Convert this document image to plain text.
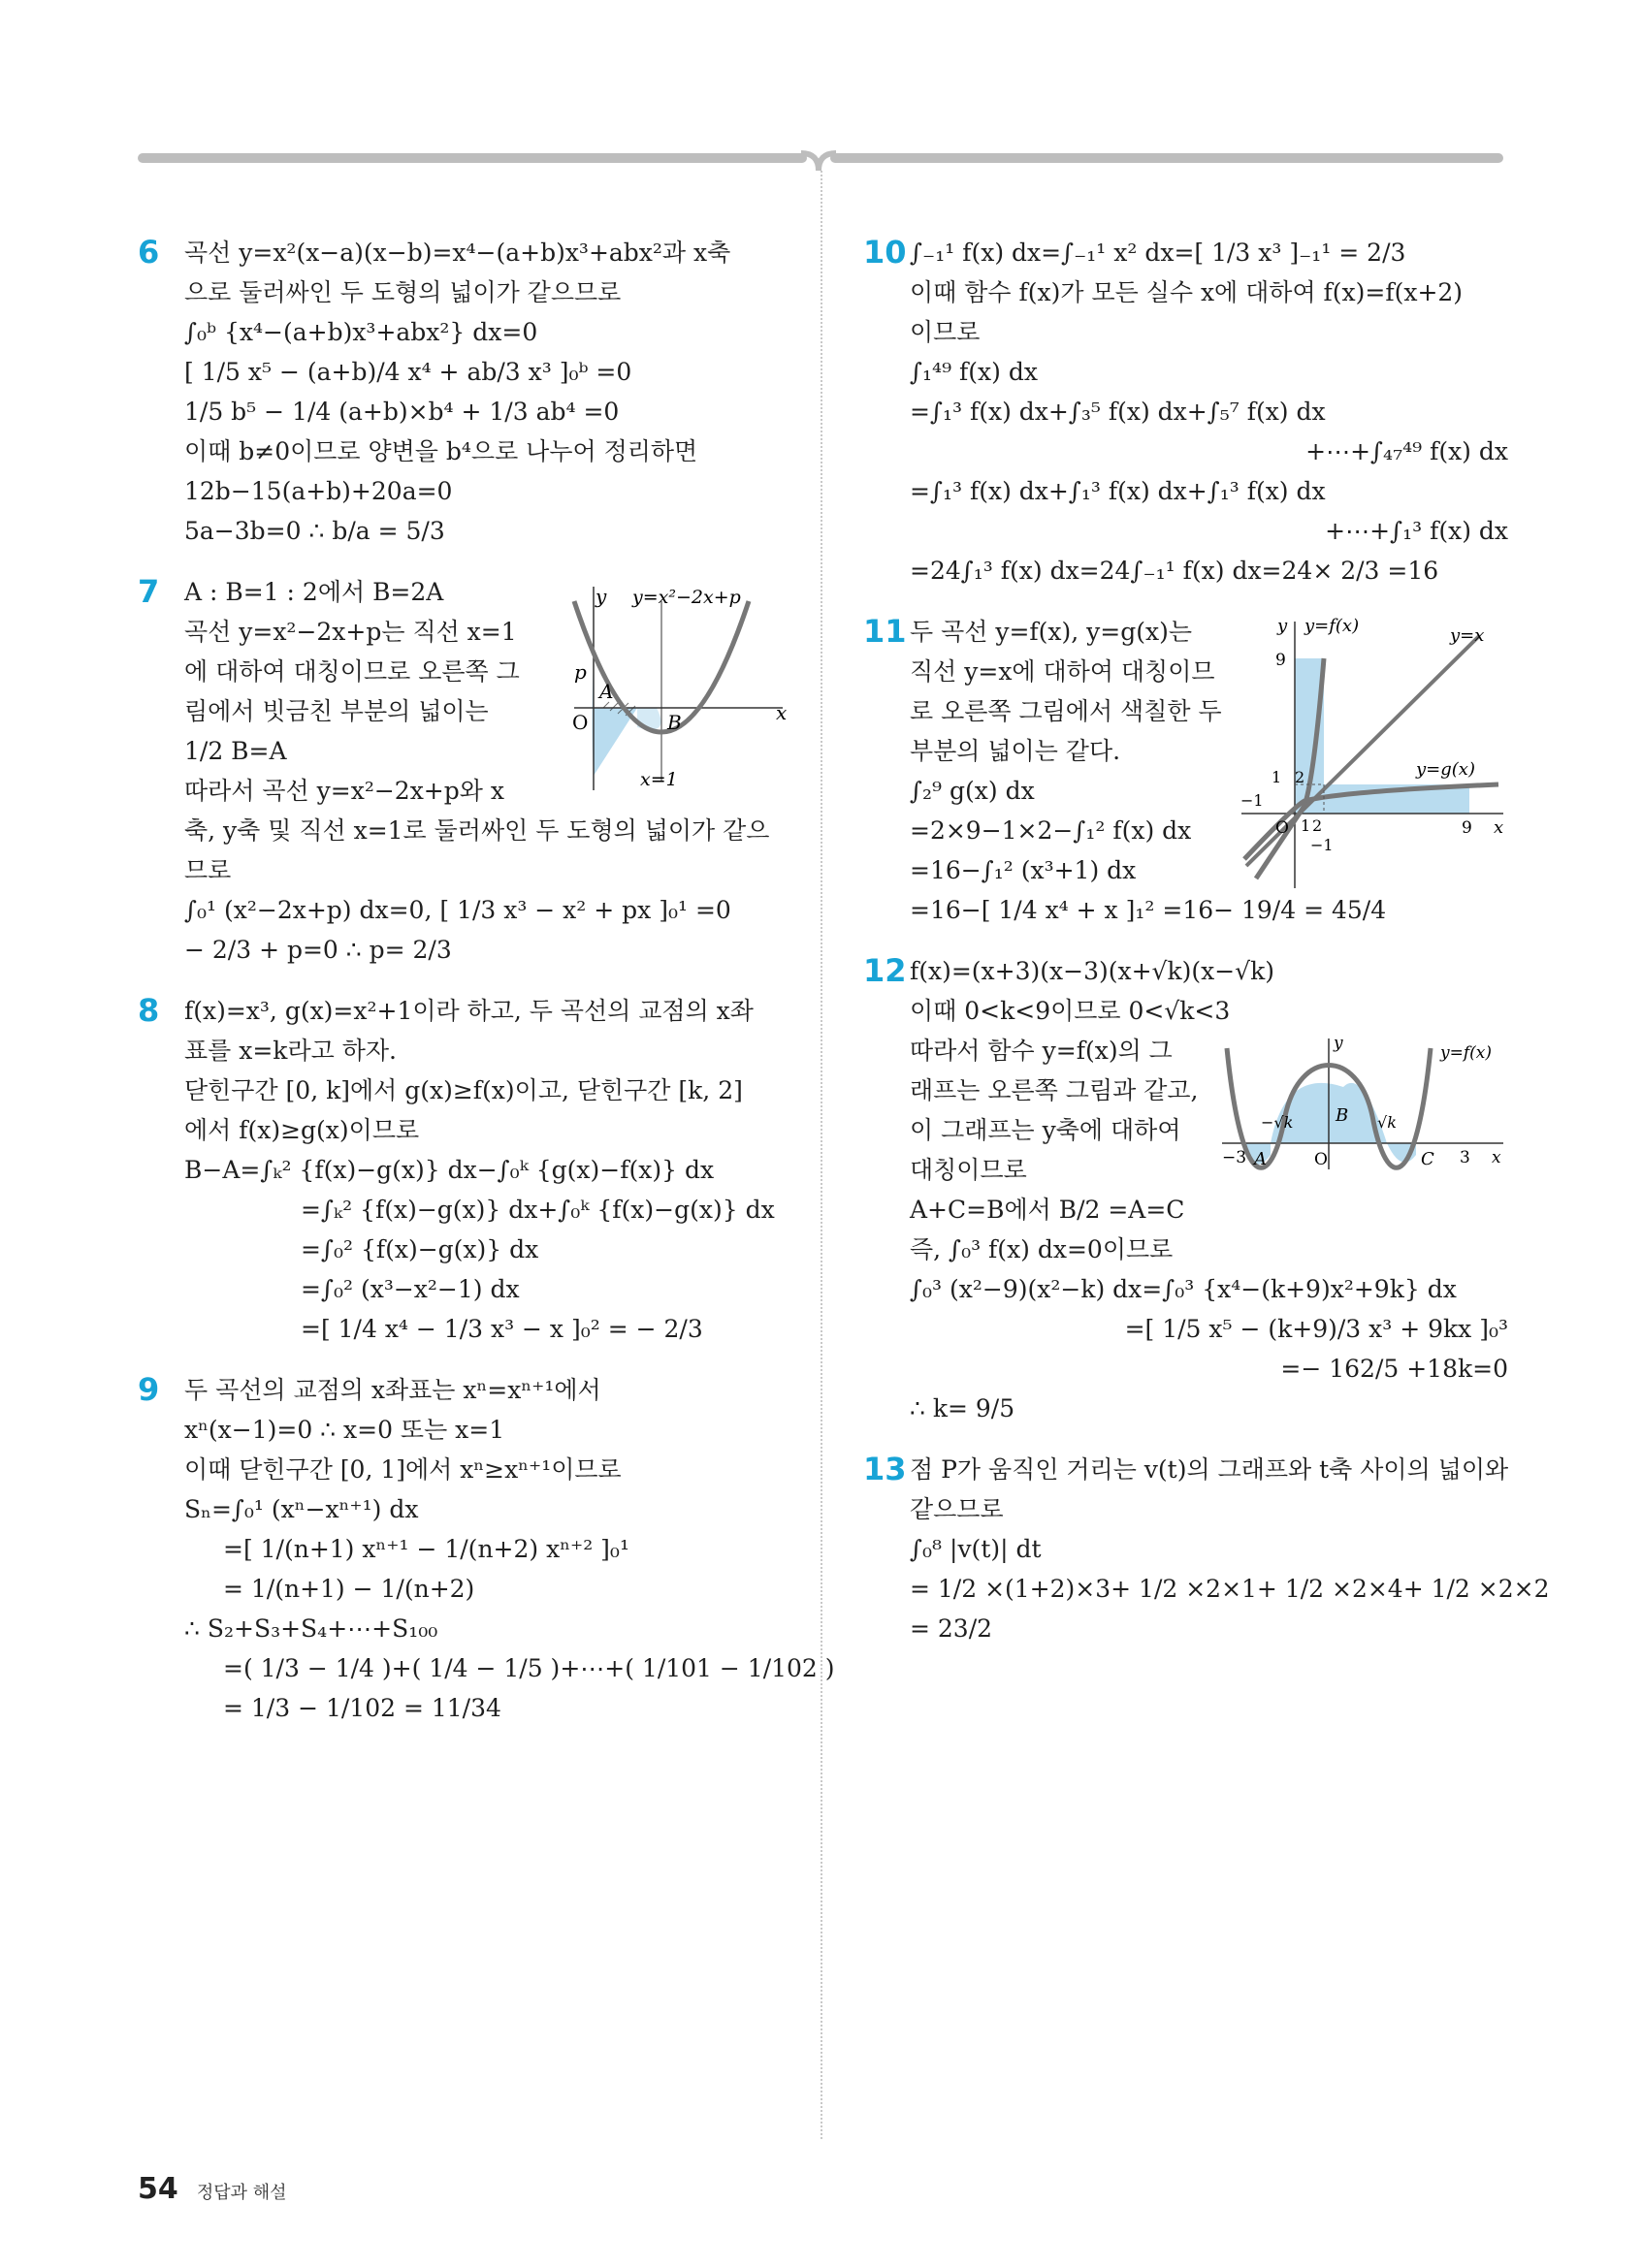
6 곡선 y=x²(x−a)(x−b)=x⁴−(a+b)x³+abx²과 x축
으로 둘러싸인 두 도형의 넓이가 같으므로
∫₀ᵇ {x⁴−(a+b)x³+abx²} dx=0
[ 1/5 x⁵ − (a+b)/4 x⁴ + ab/3 x³ ]₀ᵇ =0
1/5 b⁵ − 1/4 (a+b)×b⁴ + 1/3 ab⁴ =0
이때 b≠0이므로 양변을 b⁴으로 나누어 정리하면
12b−15(a+b)+20a=0
5a−3b=0 ∴ b/a = 5/3
7 A : B=1 : 2에서 B=2A
곡선 y=x²−2x+p는 직선 x=1
에 대하여 대칭이므로 오른쪽 그
림에서 빗금친 부분의 넓이는
1/2 B=A
따라서 곡선 y=x²−2x+p와 x
축, y축 및 직선 x=1로 둘러싸인 두 도형의 넓이가 같으
므로
∫₀¹ (x²−2x+p) dx=0, [ 1/3 x³ − x² + px ]₀¹ =0
− 2/3 + p=0 ∴ p= 2/3
y
x
y=x²−2x+p
p
O
A
B
x=1
8 f(x)=x³, g(x)=x²+1이라 하고, 두 곡선의 교점의 x좌
표를 x=k라고 하자.
닫힌구간 [0, k]에서 g(x)≥f(x)이고, 닫힌구간 [k, 2]
에서 f(x)≥g(x)이므로
B−A=∫ₖ² {f(x)−g(x)} dx−∫₀ᵏ {g(x)−f(x)} dx
=∫ₖ² {f(x)−g(x)} dx+∫₀ᵏ {f(x)−g(x)} dx
=∫₀² {f(x)−g(x)} dx
=∫₀² (x³−x²−1) dx
=[ 1/4 x⁴ − 1/3 x³ − x ]₀² = − 2/3
9 두 곡선의 교점의 x좌표는 xⁿ=xⁿ⁺¹에서
xⁿ(x−1)=0 ∴ x=0 또는 x=1
이때 닫힌구간 [0, 1]에서 xⁿ≥xⁿ⁺¹이므로
Sₙ=∫₀¹ (xⁿ−xⁿ⁺¹) dx
=[ 1/(n+1) xⁿ⁺¹ − 1/(n+2) xⁿ⁺² ]₀¹
= 1/(n+1) − 1/(n+2)
∴ S₂+S₃+S₄+⋯+S₁₀₀
=( 1/3 − 1/4 )+( 1/4 − 1/5 )+⋯+( 1/101 − 1/102 )
= 1/3 − 1/102 = 11/34
10 ∫₋₁¹ f(x) dx=∫₋₁¹ x² dx=[ 1/3 x³ ]₋₁¹ = 2/3
이때 함수 f(x)가 모든 실수 x에 대하여 f(x)=f(x+2)
이므로
∫₁⁴⁹ f(x) dx
=∫₁³ f(x) dx+∫₃⁵ f(x) dx+∫₅⁷ f(x) dx
+⋯+∫₄₇⁴⁹ f(x) dx
=∫₁³ f(x) dx+∫₁³ f(x) dx+∫₁³ f(x) dx
+⋯+∫₁³ f(x) dx
=24∫₁³ f(x) dx=24∫₋₁¹ f(x) dx=24× 2/3 =16
11 두 곡선 y=f(x), y=g(x)는
직선 y=x에 대하여 대칭이므
로 오른쪽 그림에서 색칠한 두
부분의 넓이는 같다.
∫₂⁹ g(x) dx
=2×9−1×2−∫₁² f(x) dx
=16−∫₁² (x³+1) dx
=16−[ 1/4 x⁴ + x ]₁² =16− 19/4 = 45/4
y
x
y=f(x)	y=x
y=g(x)
9
9
1 2
−1
O 1 2
−1
12 f(x)=(x+3)(x−3)(x+√k)(x−√k)
이때 0<k<9이므로 0<√k<3
따라서 함수 y=f(x)의 그
래프는 오른쪽 그림과 같고,
이 그래프는 y축에 대하여
대칭이므로
A+C=B에서 B/2 =A=C
즉, ∫₀³ f(x) dx=0이므로
∫₀³ (x²−9)(x²−k) dx=∫₀³ {x⁴−(k+9)x²+9k} dx
=[ 1/5 x⁵ − (k+9)/3 x³ + 9kx ]₀³
=− 162/5 +18k=0
∴ k= 9/5
y
x
y=f(x)
−3	3
−√k	√k
O
A
B
C
13 점 P가 움직인 거리는 v(t)의 그래프와 t축 사이의 넓이와
같으므로
∫₀⁸ |v(t)| dt
= 1/2 ×(1+2)×3+ 1/2 ×2×1+ 1/2 ×2×4+ 1/2 ×2×2
= 23/2
54 정답과 해설
